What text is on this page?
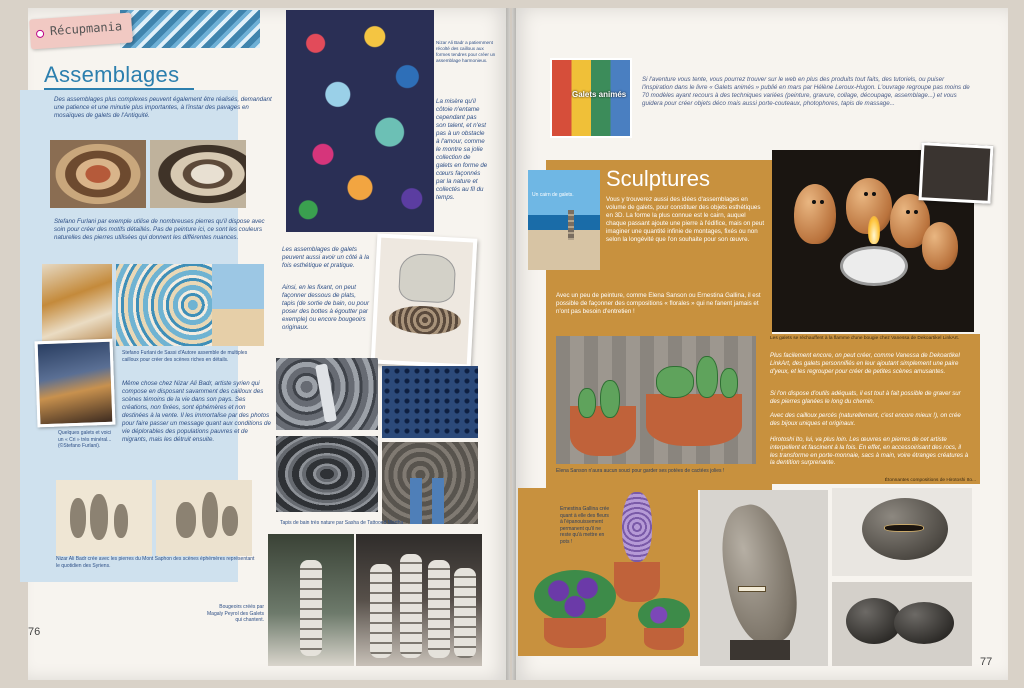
Récupmania
Assemblages
Des assemblages plus complexes peuvent également être réalisés, demandant une patience et une minutie plus importantes, à l'instar des pavages en mosaïques de galets de l'Antiquité.
Stefano Furlani par exemple utilise de nombreuses pierres qu'il dispose avec soin pour créer des motifs détaillés. Pas de peinture ici, ce sont les couleurs naturelles des pierres utilisées qui donnent les différentes nuances.
Stefano Furlani de Sassi d'Autore assemble de multiples cailloux pour créer des scènes riches en détails.
Quelques galets et voici un « Cri » très minéral... (©Stefano Furlani).
Même chose chez Nizar Ali Badr, artiste syrien qui compose en disposant savamment des cailloux des scènes témoins de la vie dans son pays. Ses créations, non fixées, sont éphémères et non destinées à la vente. Il les immortalise par des photos pour faire passer un message quant aux conditions de vie déplorables des populations pauvres et de migrants, mais les détruit ensuite.
Nizar Ali Badr crée avec les pierres du Mont Saphon des scènes éphémères représentant le quotidien des Syriens.
Nizar Ali Badr a patiemment récolté des cailloux aux formes tendres pour créer un assemblage harmonieux.
La misère qu'il côtoie n'entame cependant pas son talent, et n'est pas à un obstacle à l'amour, comme le montre sa jolie collection de galets en forme de cœurs façonnés par la nature et collectés au fil du temps.
Les assemblages de galets peuvent aussi avoir un côté à la fois esthétique et pratique.
Ainsi, en les fixant, on peut façonner dessous de plats, tapis (de sortie de bain, ou pour poser des bottes à égoutter par exemple) ou encore bougeoirs originaux.
Tapis de bain très nature par Sasha de Tattooed Martha
Bougeoirs créés par Magaly Peyrol des Galets qui chantent.
76
Galets animés
Si l'aventure vous tente, vous pourrez trouver sur le web en plus des produits tout faits, des tutoriels, ou puiser l'inspiration dans le livre « Galets animés » publié en mars par Hélène Leroux-Hugon. L'ouvrage regroupe pas moins de 70 modèles ayant recours à des techniques variées (peinture, gravure, collage, découpage, assemblage...) et vous guidera pour créer objets déco mais aussi porte-couteaux, photophores, tapis de massage...
Sculptures
Un cairn de galets.
Vous y trouverez aussi des idées d'assemblages en volume de galets, pour constituer des objets esthétiques en 3D. La forme la plus connue est le cairn, auquel chaque passant ajoute une pierre à l'édifice, mais on peut imaginer une quantité infinie de montages, fixés ou non selon la longévité que l'on souhaite pour son œuvre.
Avec un peu de peinture, comme Elena Sanson ou Ernestina Gallina, il est possible de façonner des compositions « florales » qui ne fanent jamais et n'ont pas besoin d'entretien !
Elena Sanson n'aura aucun souci pour garder ses potées de cactées jolies !
Ernestina Gallina crée quant à elle des fleurs à l'épanouissement permanent qu'il ne reste qu'à mettre en pots !
Les galets se réchauffent à la flamme d'une bougie chez Vanessa de Dekoartikel LinkArt.
Plus facilement encore, on peut créer, comme Vanessa de Dekoartikel LinkArt, des galets personnifiés en leur ajoutant simplement une paire d'yeux, et les regrouper pour créer de petites scènes amusantes.
Si l'on dispose d'outils adéquats, il est tout à fait possible de graver sur des pierres glanées le long du chemin.
Avec des cailloux percés (naturellement, c'est encore mieux !), on crée des bijoux uniques et originaux.
Hirotoshi Ito, lui, va plus loin. Les œuvres en pierres de cet artiste interpellent et fascinent à la fois. En effet, en accessoirisant des rocs, il les transforme en porte-monnaie, sacs à main, voire étranges créatures à la dentition surprenante.
Étonnantes compositions de Hirotoshi Ito...
77
